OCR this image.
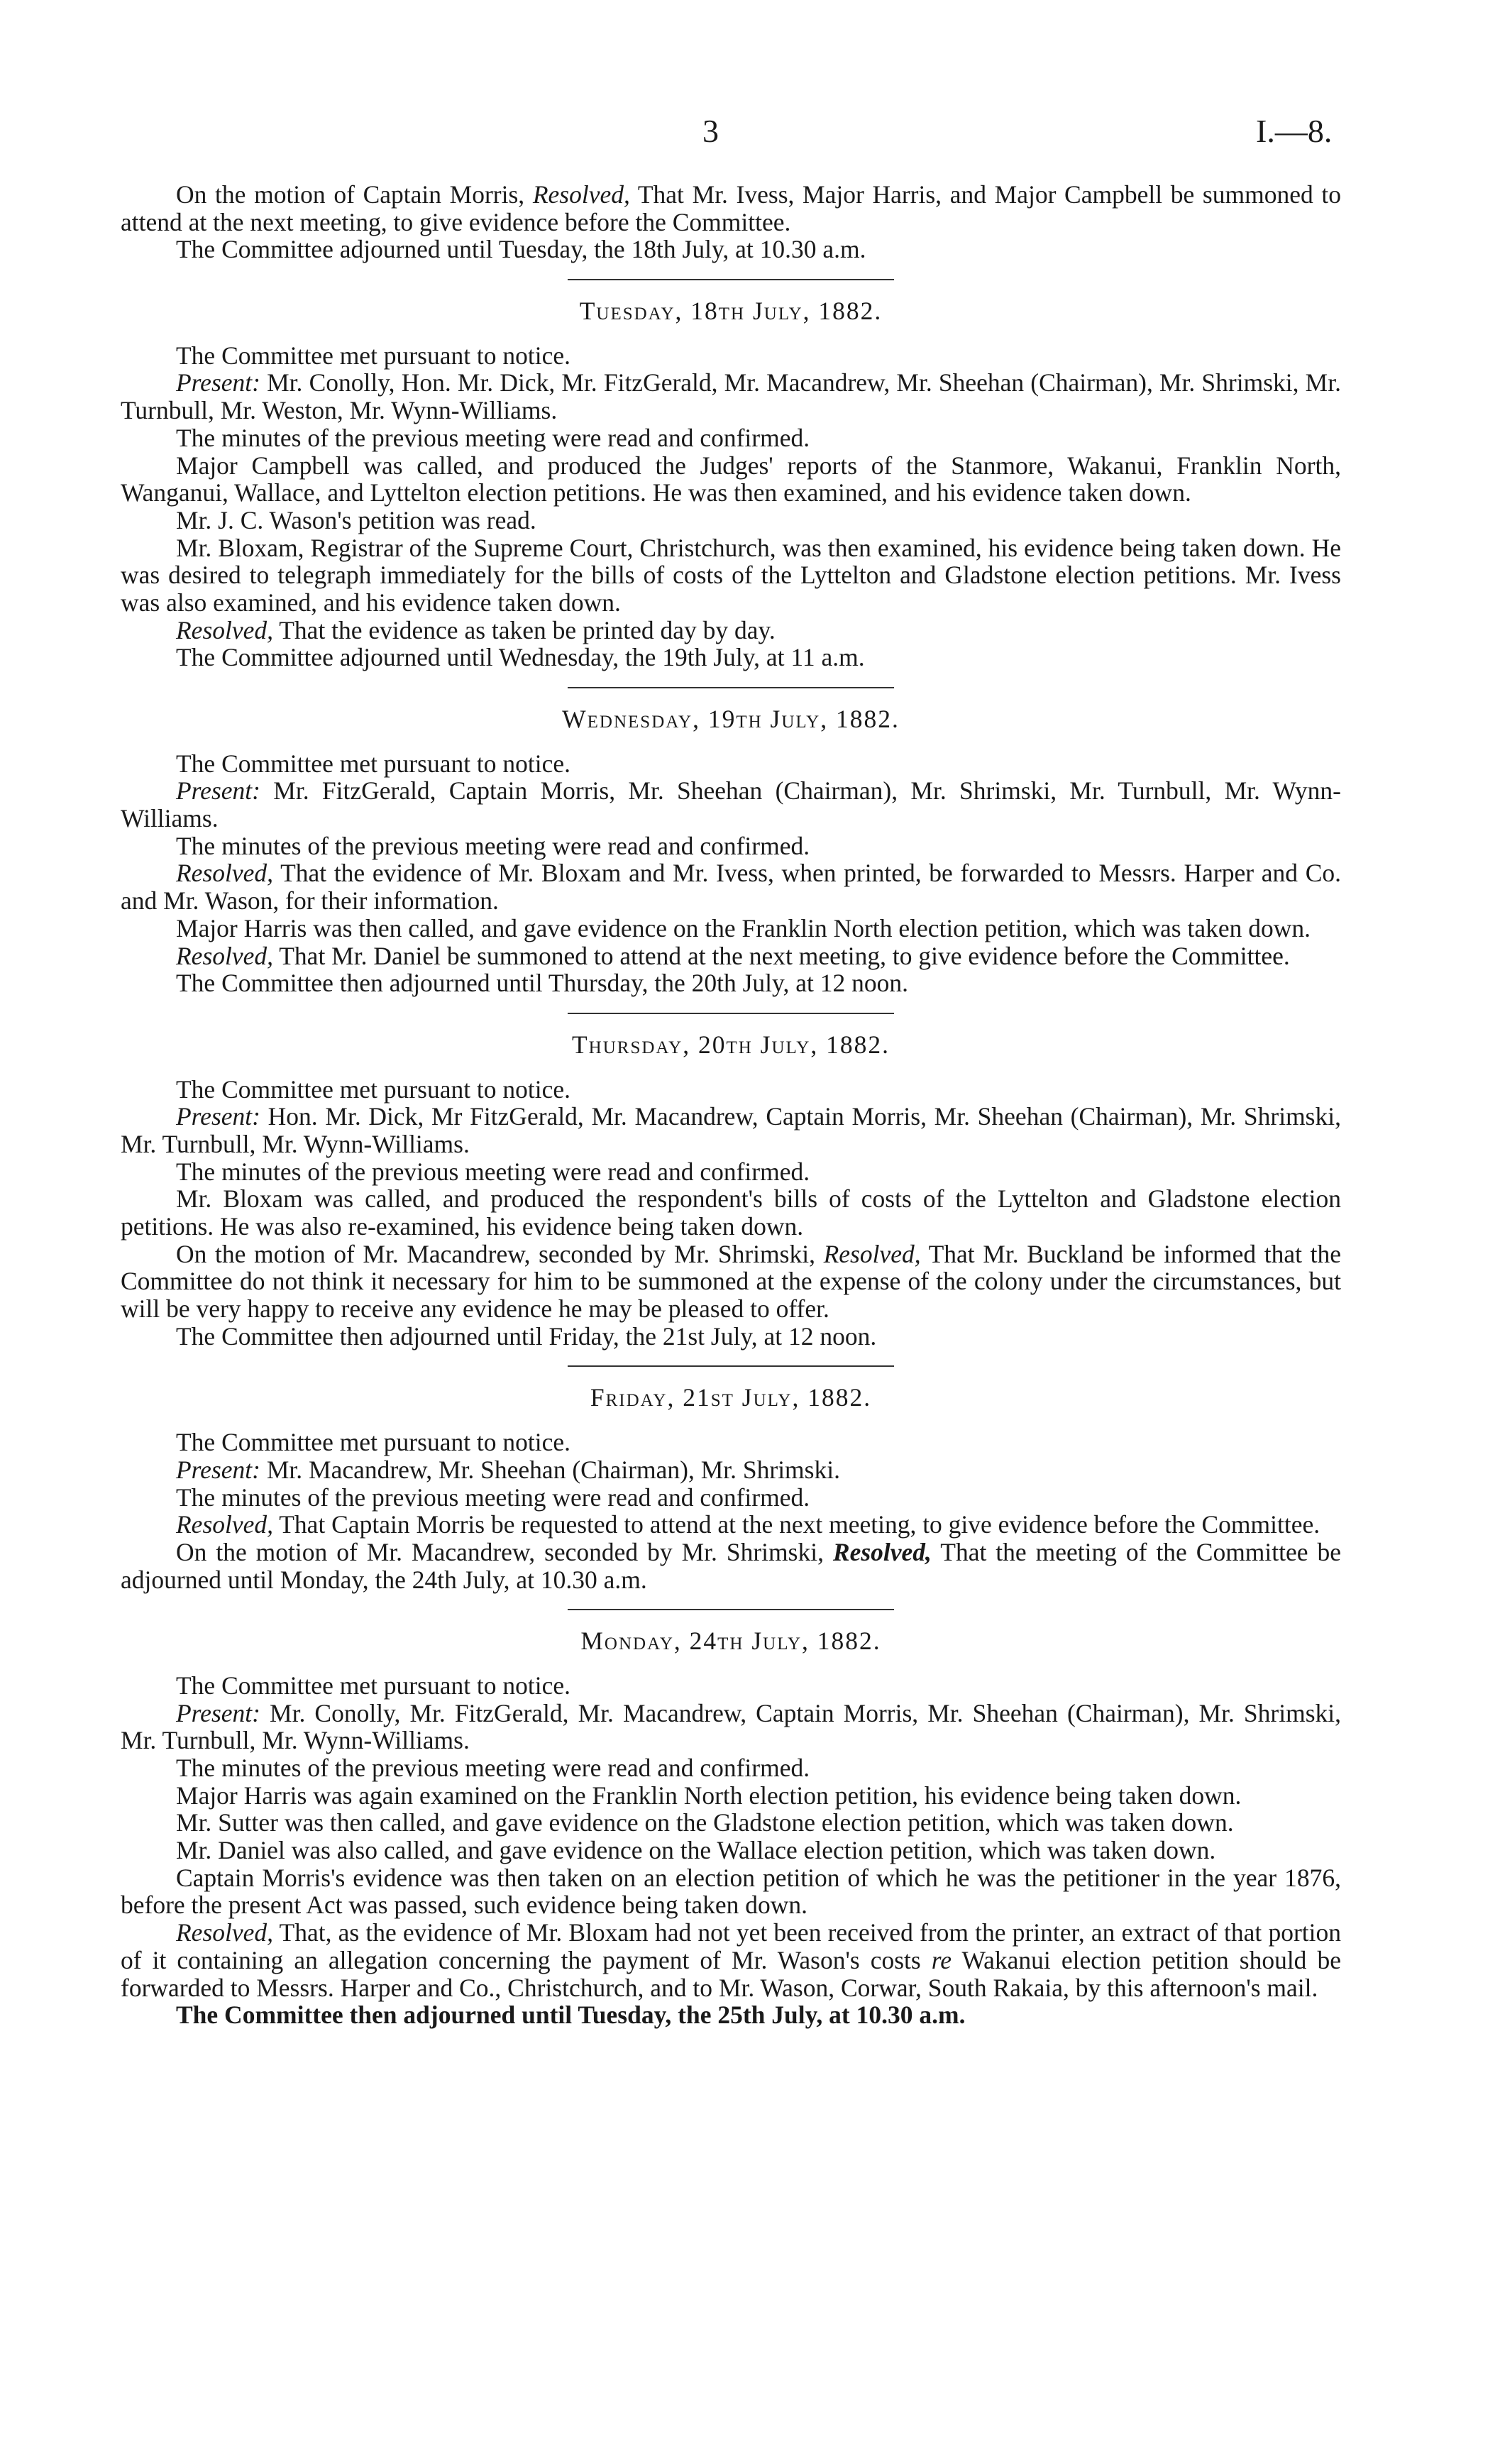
3	I.—8.

On the motion of Captain Morris, Resolved, That Mr. Ivess, Major Harris, and Major Campbell be summoned to attend at the next meeting, to give evidence before the Committee.

The Committee adjourned until Tuesday, the 18th July, at 10.30 a.m.

Tuesday, 18th July, 1882.

The Committee met pursuant to notice.

Present: Mr. Conolly, Hon. Mr. Dick, Mr. FitzGerald, Mr. Macandrew, Mr. Sheehan (Chairman), Mr. Shrimski, Mr. Turnbull, Mr. Weston, Mr. Wynn-Williams.

The minutes of the previous meeting were read and confirmed.

Major Campbell was called, and produced the Judges' reports of the Stanmore, Wakanui, Franklin North, Wanganui, Wallace, and Lyttelton election petitions. He was then examined, and his evidence taken down.

Mr. J. C. Wason's petition was read.

Mr. Bloxam, Registrar of the Supreme Court, Christchurch, was then examined, his evidence being taken down. He was desired to telegraph immediately for the bills of costs of the Lyttelton and Gladstone election petitions. Mr. Ivess was also examined, and his evidence taken down.

Resolved, That the evidence as taken be printed day by day.

The Committee adjourned until Wednesday, the 19th July, at 11 a.m.

Wednesday, 19th July, 1882.

The Committee met pursuant to notice.

Present: Mr. FitzGerald, Captain Morris, Mr. Sheehan (Chairman), Mr. Shrimski, Mr. Turnbull, Mr. Wynn-Williams.

The minutes of the previous meeting were read and confirmed.

Resolved, That the evidence of Mr. Bloxam and Mr. Ivess, when printed, be forwarded to Messrs. Harper and Co. and Mr. Wason, for their information.

Major Harris was then called, and gave evidence on the Franklin North election petition, which was taken down.

Resolved, That Mr. Daniel be summoned to attend at the next meeting, to give evidence before the Committee.

The Committee then adjourned until Thursday, the 20th July, at 12 noon.

Thursday, 20th July, 1882.

The Committee met pursuant to notice.

Present: Hon. Mr. Dick, Mr FitzGerald, Mr. Macandrew, Captain Morris, Mr. Sheehan (Chairman), Mr. Shrimski, Mr. Turnbull, Mr. Wynn-Williams.

The minutes of the previous meeting were read and confirmed.

Mr. Bloxam was called, and produced the respondent's bills of costs of the Lyttelton and Gladstone election petitions. He was also re-examined, his evidence being taken down.

On the motion of Mr. Macandrew, seconded by Mr. Shrimski, Resolved, That Mr. Buckland be informed that the Committee do not think it necessary for him to be summoned at the expense of the colony under the circumstances, but will be very happy to receive any evidence he may be pleased to offer.

The Committee then adjourned until Friday, the 21st July, at 12 noon.

Friday, 21st July, 1882.

The Committee met pursuant to notice.

Present: Mr. Macandrew, Mr. Sheehan (Chairman), Mr. Shrimski.

The minutes of the previous meeting were read and confirmed.

Resolved, That Captain Morris be requested to attend at the next meeting, to give evidence before the Committee.

On the motion of Mr. Macandrew, seconded by Mr. Shrimski, Resolved, That the meeting of the Committee be adjourned until Monday, the 24th July, at 10.30 a.m.

Monday, 24th July, 1882.

The Committee met pursuant to notice.

Present: Mr. Conolly, Mr. FitzGerald, Mr. Macandrew, Captain Morris, Mr. Sheehan (Chairman), Mr. Shrimski, Mr. Turnbull, Mr. Wynn-Williams.

The minutes of the previous meeting were read and confirmed.

Major Harris was again examined on the Franklin North election petition, his evidence being taken down.

Mr. Sutter was then called, and gave evidence on the Gladstone election petition, which was taken down.

Mr. Daniel was also called, and gave evidence on the Wallace election petition, which was taken down.

Captain Morris's evidence was then taken on an election petition of which he was the petitioner in the year 1876, before the present Act was passed, such evidence being taken down.

Resolved, That, as the evidence of Mr. Bloxam had not yet been received from the printer, an extract of that portion of it containing an allegation concerning the payment of Mr. Wason's costs re Wakanui election petition should be forwarded to Messrs. Harper and Co., Christchurch, and to Mr. Wason, Corwar, South Rakaia, by this afternoon's mail.

The Committee then adjourned until Tuesday, the 25th July, at 10.30 a.m.
